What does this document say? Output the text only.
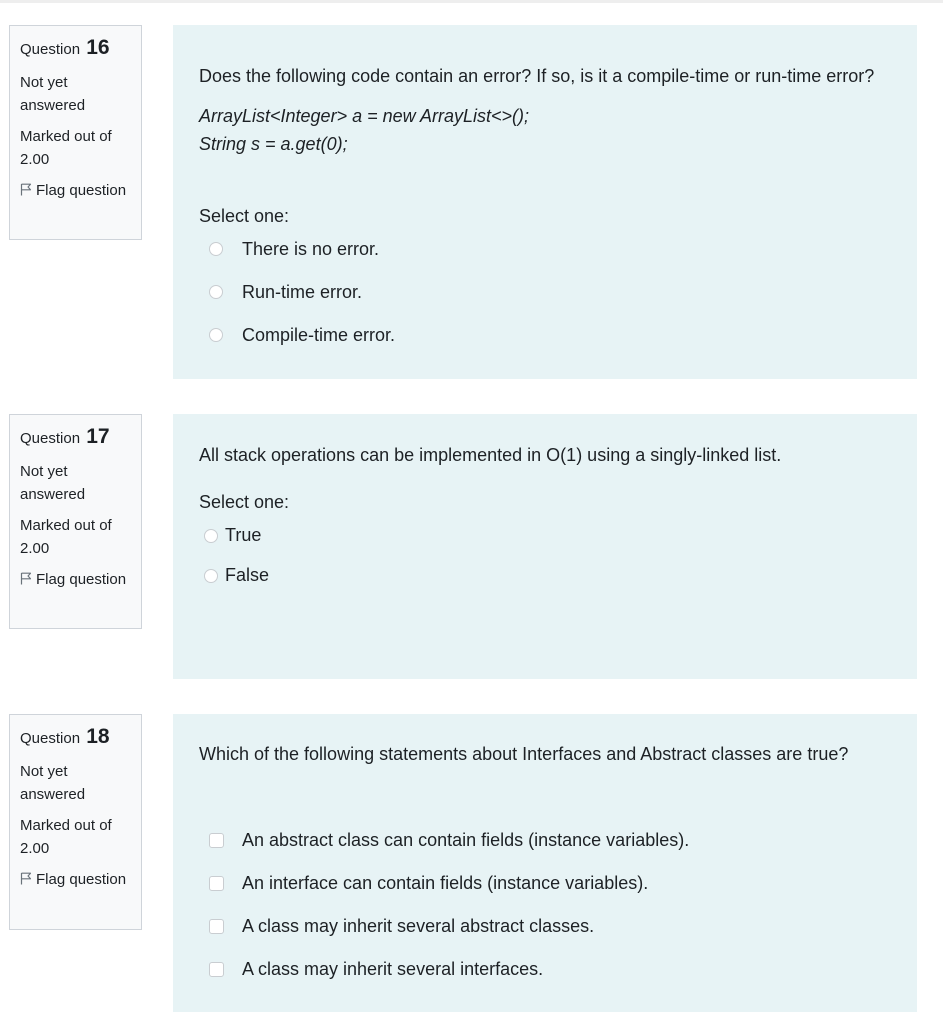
Question 16
Not yet answered
Marked out of 2.00
Flag question
Does the following code contain an error? If so, is it a compile-time or run-time error?
ArrayList<Integer> a = new ArrayList<>();
String s = a.get(0);
Select one:
There is no error.
Run-time error.
Compile-time error.
Question 17
Not yet answered
Marked out of 2.00
Flag question
All stack operations can be implemented in O(1) using a singly-linked list.
Select one:
True
False
Question 18
Not yet answered
Marked out of 2.00
Flag question
Which of the following statements about Interfaces and Abstract classes are true?
An abstract class can contain fields (instance variables).
An interface can contain fields (instance variables).
A class may inherit several abstract classes.
A class may inherit several interfaces.
